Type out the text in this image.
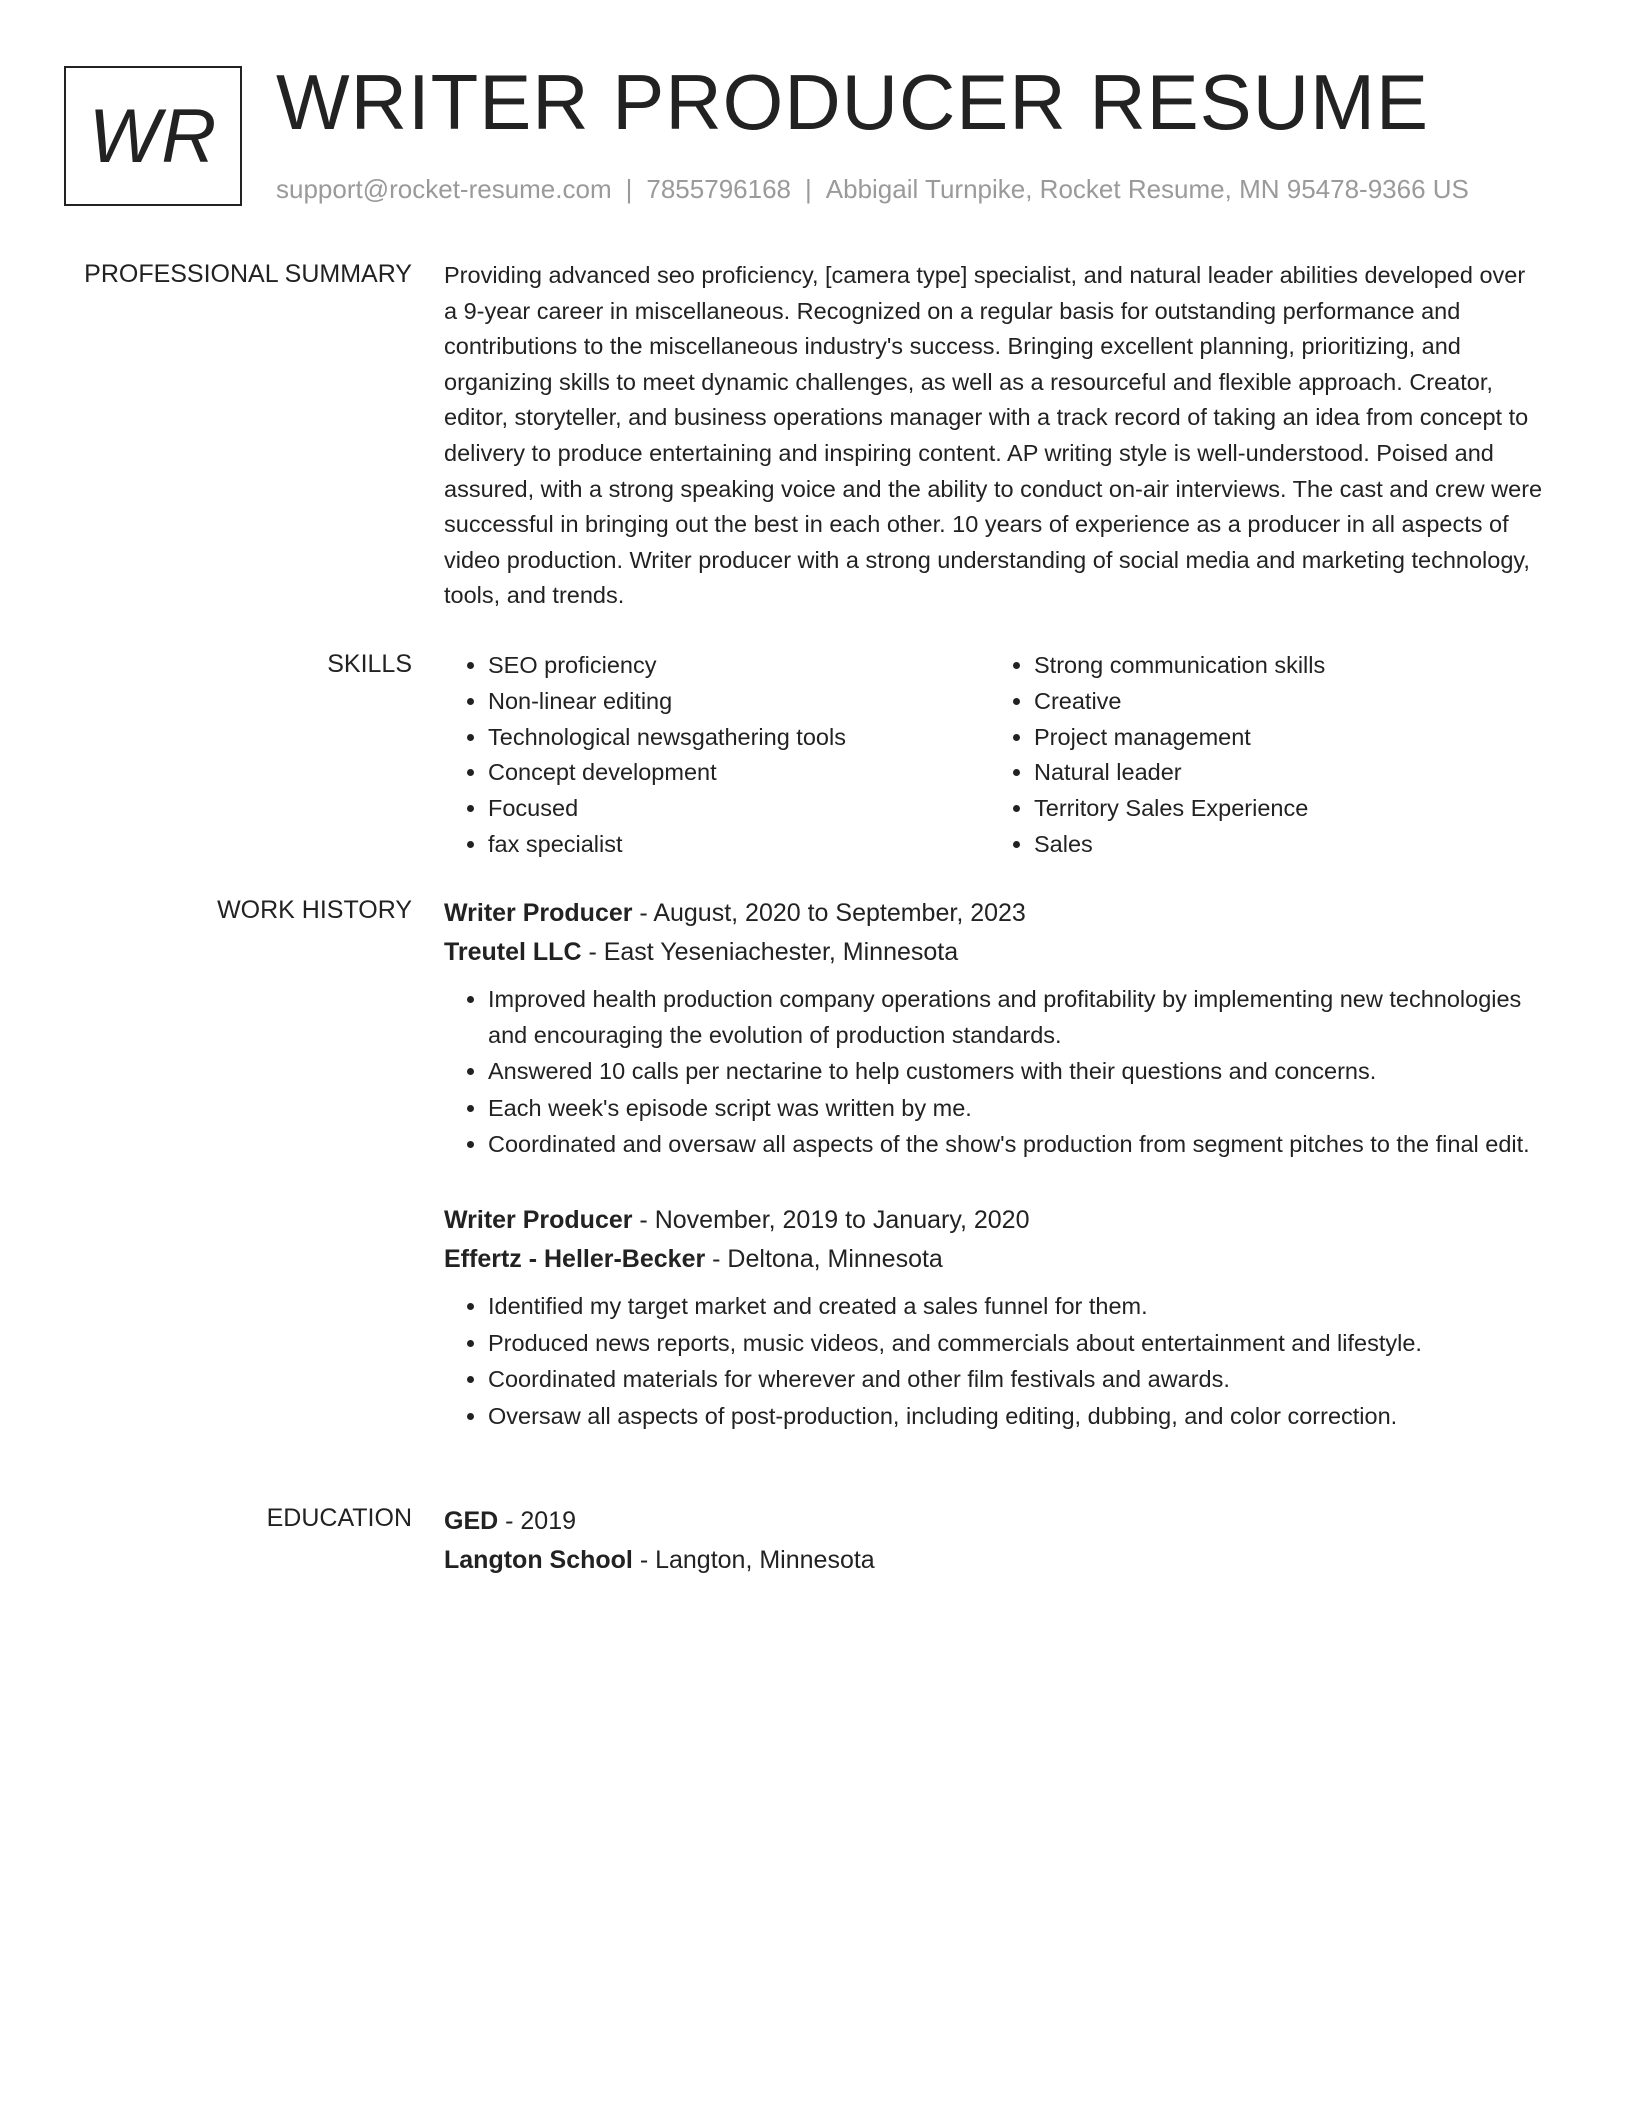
WR WRITER PRODUCER RESUME
support@rocket-resume.com | 7855796168 | Abbigail Turnpike, Rocket Resume, MN 95478-9366 US
PROFESSIONAL SUMMARY Providing advanced seo proficiency, [camera type] specialist, and natural leader abilities developed over a 9-year career in miscellaneous. Recognized on a regular basis for outstanding performance and contributions to the miscellaneous industry's success. Bringing excellent planning, prioritizing, and organizing skills to meet dynamic challenges, as well as a resourceful and flexible approach. Creator, editor, storyteller, and business operations manager with a track record of taking an idea from concept to delivery to produce entertaining and inspiring content. AP writing style is well-understood. Poised and assured, with a strong speaking voice and the ability to conduct on-air interviews. The cast and crew were successful in bringing out the best in each other. 10 years of experience as a producer in all aspects of video production. Writer producer with a strong understanding of social media and marketing technology, tools, and trends.

SKILLS
•	SEO proficiency
• Non-linear editing
• Technological newsgathering tools
• Concept development
• Focused
• fax specialist
• Strong communication skills
• Creative
• Project management
• Natural leader
• Territory Sales Experience
• Sales
WORK HISTORY Writer Producer - August, 2020 to September, 2023
Treutel LLC - East Yeseniachester, Minnesota
• Improved health production company operations and profitability by implementing new technologies and encouraging the evolution of production standards.
• Answered 10 calls per nectarine to help customers with their questions and concerns.
• Each week's episode script was written by me.
• Coordinated and oversaw all aspects of the show's production from segment pitches to the final edit.
Writer Producer - November, 2019 to January, 2020
Effertz - Heller-Becker - Deltona, Minnesota
• Identified my target market and created a sales funnel for them.
• Produced news reports, music videos, and commercials about entertainment and lifestyle.
• Coordinated materials for wherever and other film festivals and awards.
• Oversaw all aspects of post-production, including editing, dubbing, and color correction.
EDUCATION GED - 2019
Langton School - Langton, Minnesota
